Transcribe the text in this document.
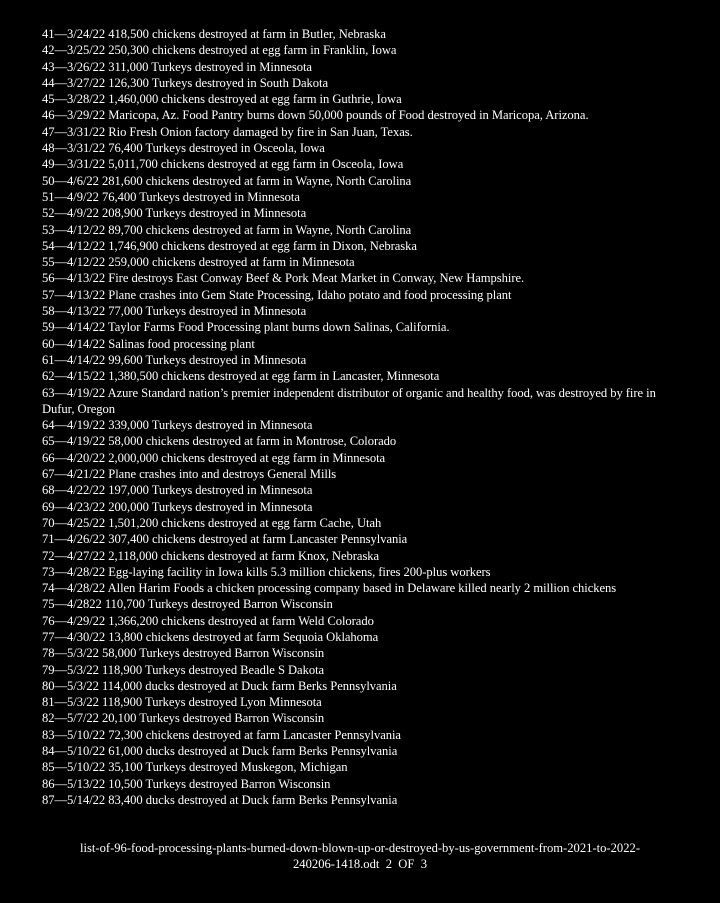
41—3/24/22 418,500 chickens destroyed at farm in Butler, Nebraska
42—3/25/22 250,300 chickens destroyed at egg farm in Franklin, Iowa
43—3/26/22 311,000 Turkeys destroyed in Minnesota
44—3/27/22 126,300 Turkeys destroyed in South Dakota
45—3/28/22 1,460,000 chickens destroyed at egg farm in Guthrie, Iowa
46—3/29/22 Maricopa, Az. Food Pantry burns down 50,000 pounds of Food destroyed in Maricopa, Arizona.
47—3/31/22 Rio Fresh Onion factory damaged by fire in San Juan, Texas.
48—3/31/22 76,400 Turkeys destroyed in Osceola, Iowa
49—3/31/22 5,011,700 chickens destroyed at egg farm in Osceola, Iowa
50—4/6/22 281,600 chickens destroyed at farm in Wayne, North Carolina
51—4/9/22 76,400 Turkeys destroyed in Minnesota
52—4/9/22 208,900 Turkeys destroyed in Minnesota
53—4/12/22 89,700 chickens destroyed at farm in Wayne, North Carolina
54—4/12/22 1,746,900 chickens destroyed at egg farm in Dixon, Nebraska
55—4/12/22 259,000 chickens destroyed at farm in Minnesota
56—4/13/22 Fire destroys East Conway Beef & Pork Meat Market in Conway, New Hampshire.
57—4/13/22 Plane crashes into Gem State Processing, Idaho potato and food processing plant
58—4/13/22 77,000 Turkeys destroyed in Minnesota
59—4/14/22 Taylor Farms Food Processing plant burns down Salinas, California.
60—4/14/22 Salinas food processing plant
61—4/14/22 99,600 Turkeys destroyed in Minnesota
62—4/15/22 1,380,500 chickens destroyed at egg farm in Lancaster, Minnesota
63—4/19/22 Azure Standard nation’s premier independent distributor of organic and healthy food, was destroyed by fire in Dufur, Oregon
64—4/19/22 339,000 Turkeys destroyed in Minnesota
65—4/19/22 58,000 chickens destroyed at farm in Montrose, Colorado
66—4/20/22 2,000,000 chickens destroyed at egg farm in Minnesota
67—4/21/22 Plane crashes into and destroys General Mills
68—4/22/22 197,000 Turkeys destroyed in Minnesota
69—4/23/22 200,000 Turkeys destroyed in Minnesota
70—4/25/22 1,501,200 chickens destroyed at egg farm Cache, Utah
71—4/26/22 307,400 chickens destroyed at farm Lancaster Pennsylvania
72—4/27/22 2,118,000 chickens destroyed at farm Knox, Nebraska
73—4/28/22 Egg-laying facility in Iowa kills 5.3 million chickens, fires 200-plus workers
74—4/28/22 Allen Harim Foods a chicken processing company based in Delaware killed nearly 2 million chickens
75—4/2822 110,700 Turkeys destroyed Barron Wisconsin
76—4/29/22 1,366,200 chickens destroyed at farm Weld Colorado
77—4/30/22 13,800 chickens destroyed at farm Sequoia Oklahoma
78—5/3/22 58,000 Turkeys destroyed Barron Wisconsin
79—5/3/22 118,900 Turkeys destroyed Beadle S Dakota
80—5/3/22 114,000 ducks destroyed at Duck farm Berks Pennsylvania
81—5/3/22 118,900 Turkeys destroyed Lyon Minnesota
82—5/7/22 20,100 Turkeys destroyed Barron Wisconsin
83—5/10/22 72,300 chickens destroyed at farm Lancaster Pennsylvania
84—5/10/22 61,000 ducks destroyed at Duck farm Berks Pennsylvania
85—5/10/22 35,100 Turkeys destroyed Muskegon, Michigan
86—5/13/22 10,500 Turkeys destroyed Barron Wisconsin
87—5/14/22 83,400 ducks destroyed at Duck farm Berks Pennsylvania
list-of-96-food-processing-plants-burned-down-blown-up-or-destroyed-by-us-government-from-2021-to-2022-
240206-1418.odt  2  OF  3
